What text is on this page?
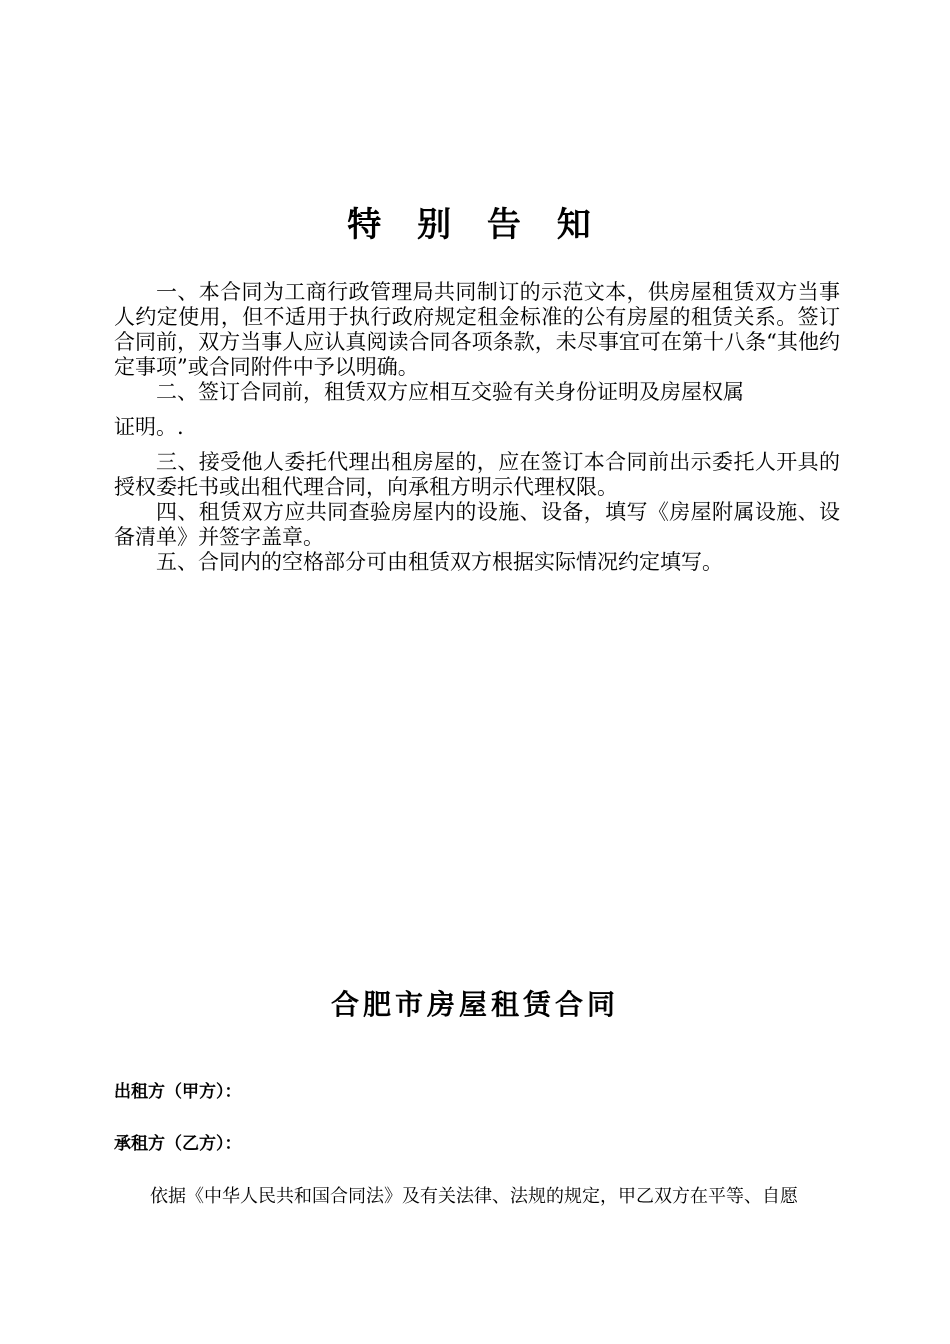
特 别 告 知

一、本合同为工商行政管理局共同制订的示范文本，供房屋租赁双方当事人约定使用，但不适用于执行政府规定租金标准的公有房屋的租赁关系。签订合同前，双方当事人应认真阅读合同各项条款，未尽事宜可在第十八条“其他约定事项”或合同附件中予以明确。

二、签订合同前，租赁双方应相互交验有关身份证明及房屋权属

证明。.

三、接受他人委托代理出租房屋的，应在签订本合同前出示委托人开具的授权委托书或出租代理合同，向承租方明示代理权限。

四、租赁双方应共同查验房屋内的设施、设备，填写《房屋附属设施、设备清单》并签字盖章。

五、合同内的空格部分可由租赁双方根据实际情况约定填写。

合肥市房屋租赁合同
出租方（甲方）：
承租方（乙方）：
依据《中华人民共和国合同法》及有关法律、法规的规定，甲乙双方在平等、自愿
